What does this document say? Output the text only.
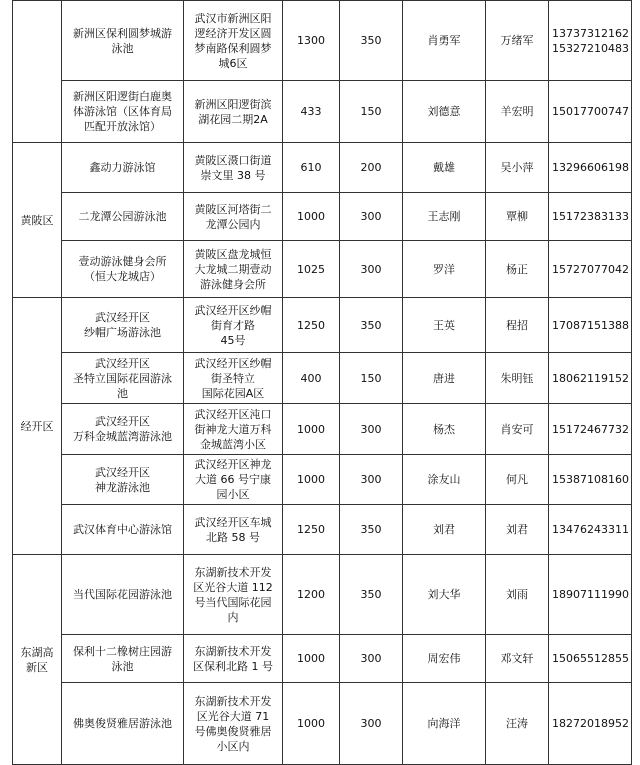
	新洲区保利圆梦城游
泳池	武汉市新洲区阳
逻经济开发区圆
梦南路保利圆梦
城6区	1300	350	肖勇军	万绪军	13737312162
15327210483

	新洲区阳逻街白鹿奥
体游泳馆（区体育局
匹配开放泳馆）	新洲区阳逻街滨
湖花园二期2A	433	150	刘德意	羊宏明	15017700747

黄陂区	鑫动力游泳馆	黄陂区滠口街道
崇文里 38 号	610	200	戴雄	吴小萍	13296606198
	二龙潭公园游泳池	黄陂区河塔街二
龙潭公园内	1000	300	王志刚	覃柳	15172383133

	壹动游泳健身会所
（恒大龙城店）	黄陂区盘龙城恒
大龙城二期壹动
游泳健身会所	1025	300	罗洋	杨正	15727077042

经开区	武汉经开区
纱帽广场游泳池	武汉经开区纱帽
街育才路
45号	1250	350	王英	程招	17087151388

	武汉经开区
圣特立国际花园游泳
池	武汉经开区纱帽
街圣特立
国际花园A区	400	150	唐进	朱明钰	18062119152

	武汉经开区
万科金城蓝湾游泳池	武汉经开区沌口
街神龙大道万科
金城蓝湾小区	1000	300	杨杰	肖安可	15172467732

	武汉经开区
神龙游泳池	武汉经开区神龙
大道 66 号宁康
园小区	1000	300	涂友山	何凡	15387108160
	武汉体育中心游泳馆	武汉经开区车城
北路 58 号	1250	350	刘君	刘君	13476243311

东湖高
新区	当代国际花园游泳池	东湖新技术开发
区光谷大道 112
号当代国际花园
内	1200	350	刘大华	刘雨	18907111990

	保利十二橡树庄园游
泳池	东湖新技术开发
区保利北路 1 号	1000	300	周宏伟	邓文轩	15065512855
	佛奥俊贤雅居游泳池	东湖新技术开发
区光谷大道 71
号佛奥俊贤雅居
小区内	1000	300	向海洋	汪涛	18272018952
